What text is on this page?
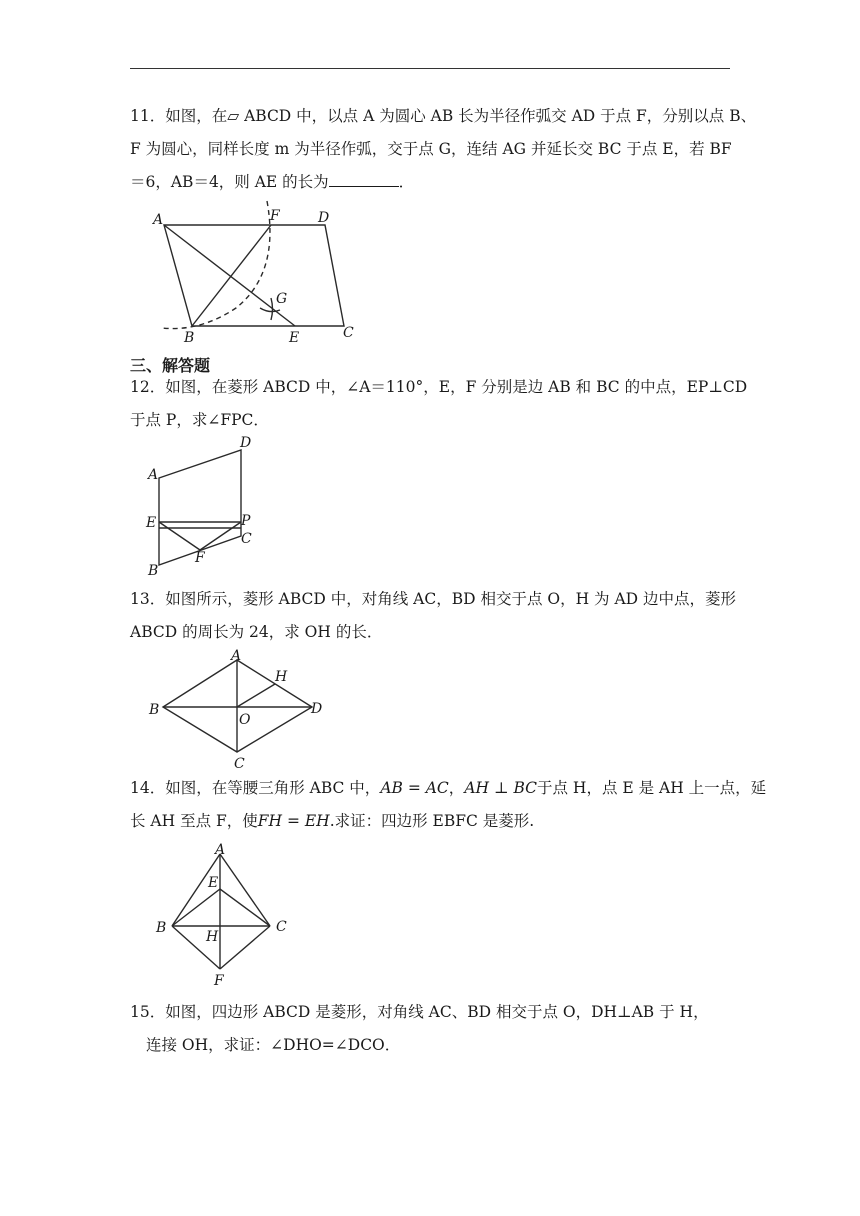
11．如图，在▱ ABCD 中，以点 A 为圆心 AB 长为半径作弧交 AD 于点 F，分别以点 B、
F 为圆心，同样长度 m 为半径作弧，交于点 G，连结 AG 并延长交 BC 于点 E，若 BF
＝6，AB＝4，则 AE 的长为	．
A	F	D
G
B	E	C
三、解答题
12．如图，在菱形 ABCD 中，∠A＝110°，E，F 分别是边 AB 和 BC 的中点，EP⊥CD
于点 P，求∠FPC．
D
A
E	P
C
F
B
13．如图所示，菱形 ABCD 中，对角线 AC，BD 相交于点 O，H 为 AD 边中点，菱形
ABCD 的周长为 24，求 OH 的长．
A
H
B
O
D
C
14．如图，在等腰三角形 ABC 中，AB = AC，AH ⊥ BC于点 H，点 E 是 AH 上一点，延
长 AH 至点 F，使FH = EH.求证：四边形 EBFC 是菱形.
A
E
B
H
C
F
15．如图，四边形 ABCD 是菱形，对角线 AC、BD 相交于点 O，DH⊥AB 于 H，
连接 OH，求证：∠DHO=∠DCO．
